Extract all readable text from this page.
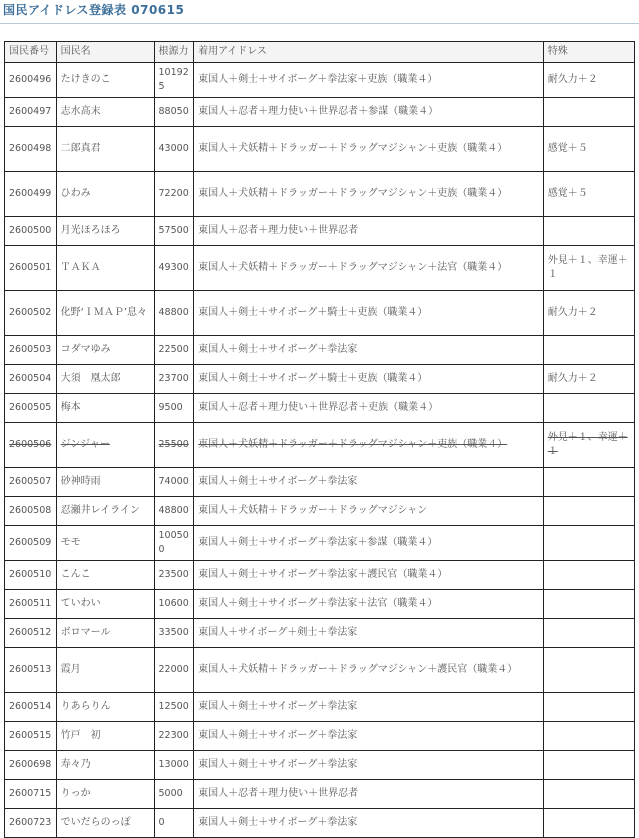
国民アイドレス登録表 070615
国民番号	国民名	根源力	着用アイドレス	特殊
2600496	たけきのこ	101925	東国人＋剣士＋サイボーグ＋拳法家＋吏族（職業４）	耐久力＋２
2600497	志水高末	88050	東国人＋忍者＋理力使い＋世界忍者＋参謀（職業４）	
2600498	二郎真君	43000	東国人＋犬妖精＋ドラッガー＋ドラッグマジシャン＋吏族（職業４）	感覚＋５
2600499	ひわみ	72200	東国人＋犬妖精＋ドラッガー＋ドラッグマジシャン＋吏族（職業４）	感覚＋５
2600500	月光ほろほろ	57500	東国人＋忍者＋理力使い＋世界忍者	
2600501	ＴＡＫＡ	49300	東国人＋犬妖精＋ドラッガー＋ドラッグマジシャン＋法官（職業４）	外見＋１、幸運＋１
2600502	化野‘ＩＭＡＰ’息々	48800	東国人＋剣士＋サイボーグ＋騎士＋吏族（職業４）	耐久力＋２
2600503	コダマゆみ	22500	東国人＋剣士＋サイボーグ＋拳法家	
2600504	大須　凰太郎	23700	東国人＋剣士＋サイボーグ＋騎士＋吏族（職業４）	耐久力＋２
2600505	梅本	9500	東国人＋忍者＋理力使い＋世界忍者＋吏族（職業４）	
2600506	ジンジャー	25500	東国人＋犬妖精＋ドラッガー＋ドラッグマジシャン＋吏族（職業４）	外見＋１、幸運＋１
2600507	砂神時雨	74000	東国人＋剣士＋サイボーグ＋拳法家	
2600508	忍瀬井レイライン	48800	東国人＋犬妖精＋ドラッガー＋ドラッグマジシャン	
2600509	モモ	100500	東国人＋剣士＋サイボーグ＋拳法家＋参謀（職業４）	
2600510	こんこ	23500	東国人＋剣士＋サイボーグ＋拳法家＋護民官（職業４）	
2600511	ていわい	10600	東国人＋剣士＋サイボーグ＋拳法家＋法官（職業４）	
2600512	ボロマール	33500	東国人＋サイボーグ＋剣士＋拳法家	
2600513	霞月	22000	東国人＋犬妖精＋ドラッガー＋ドラッグマジシャン＋護民官（職業４）	
2600514	りあらりん	12500	東国人＋剣士＋サイボーグ＋拳法家	
2600515	竹戸　初	22300	東国人＋剣士＋サイボーグ＋拳法家	
2600698	寿々乃	13000	東国人＋剣士＋サイボーグ＋拳法家	
2600715	りっか	5000	東国人＋忍者＋理力使い＋世界忍者	
2600723	でいだらのっぽ	0	東国人＋剣士＋サイボーグ＋拳法家	
